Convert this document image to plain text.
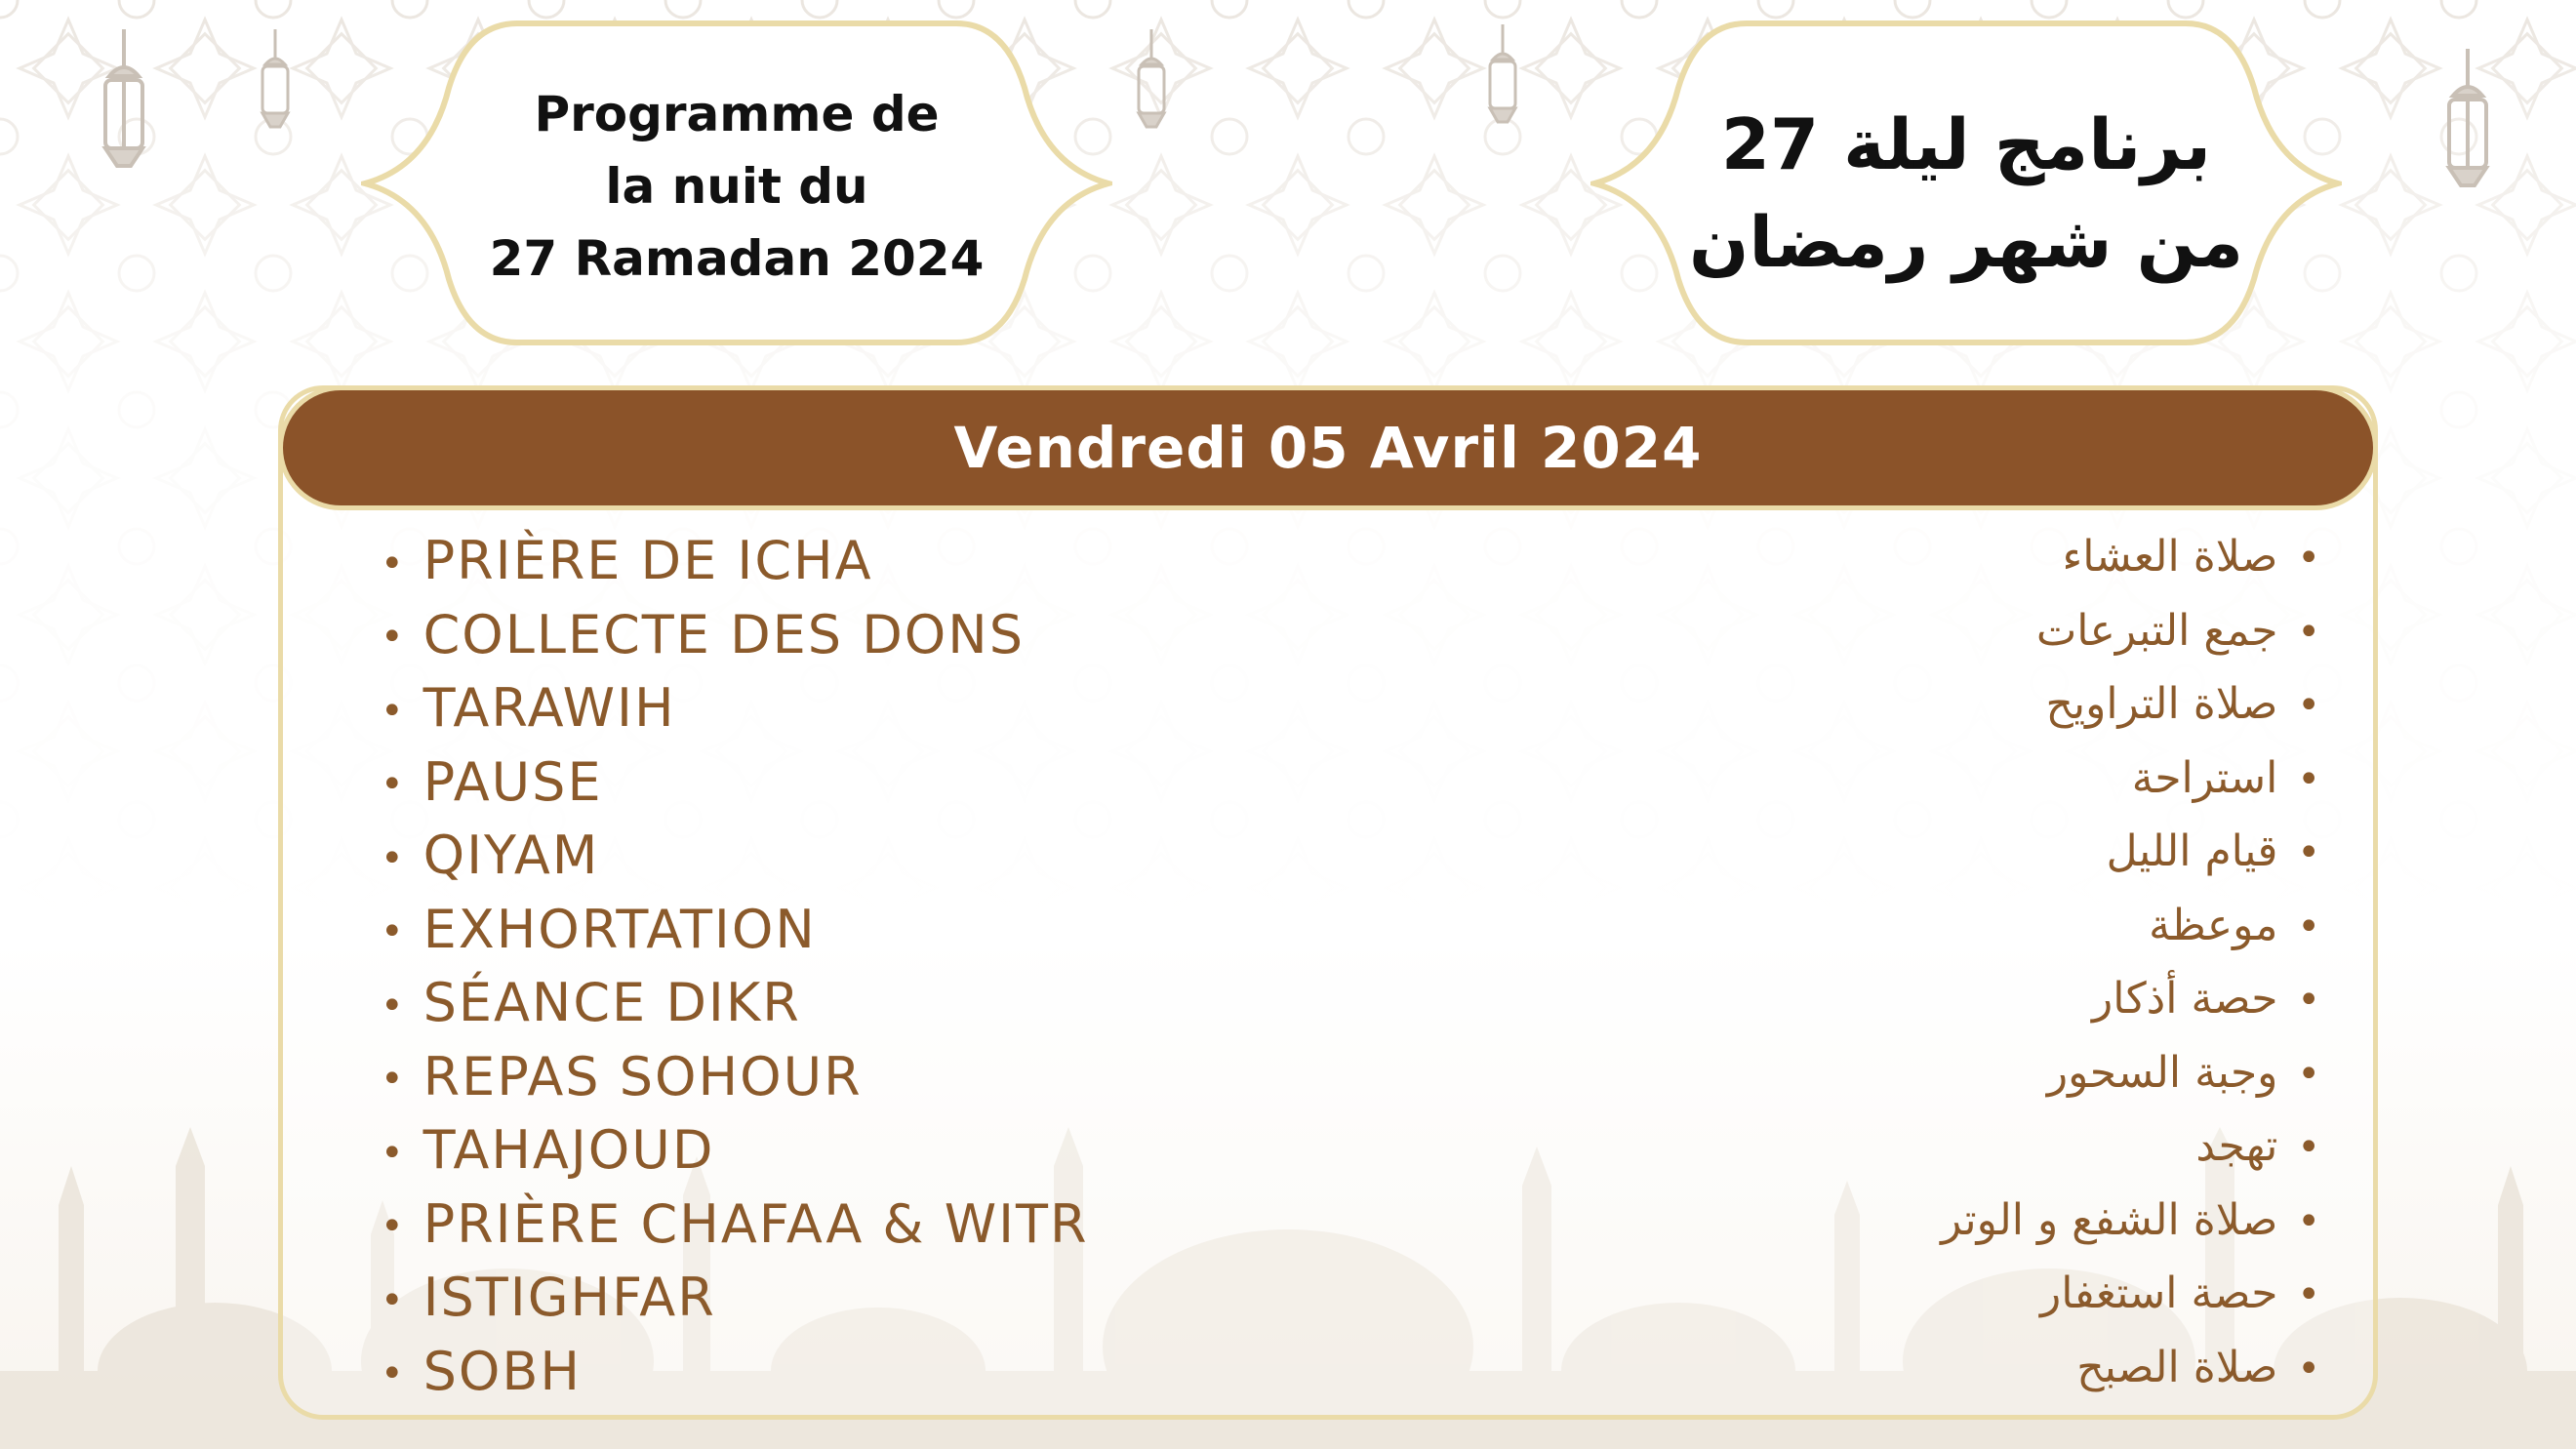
Programme de
la nuit du
27 Ramadan 2024
برنامج ليلة 27
من شهر رمضان
Vendredi 05 Avril 2024
• PRIÈRE DE ICHA
• COLLECTE DES DONS
• TARAWIH
• PAUSE
• QIYAM
• EXHORTATION
• SÉANCE DIKR
• REPAS SOHOUR
• TAHAJOUD
• PRIÈRE CHAFAA & WITR
• ISTIGHFAR
• SOBH
•صلاة العشاء
•جمع التبرعات
•صلاة التراويح
•استراحة
•قيام الليل
•موعظة
•حصة أذكار
•وجبة السحور
•تهجد
•صلاة الشفع و الوتر
•حصة استغفار
•صلاة الصبح
